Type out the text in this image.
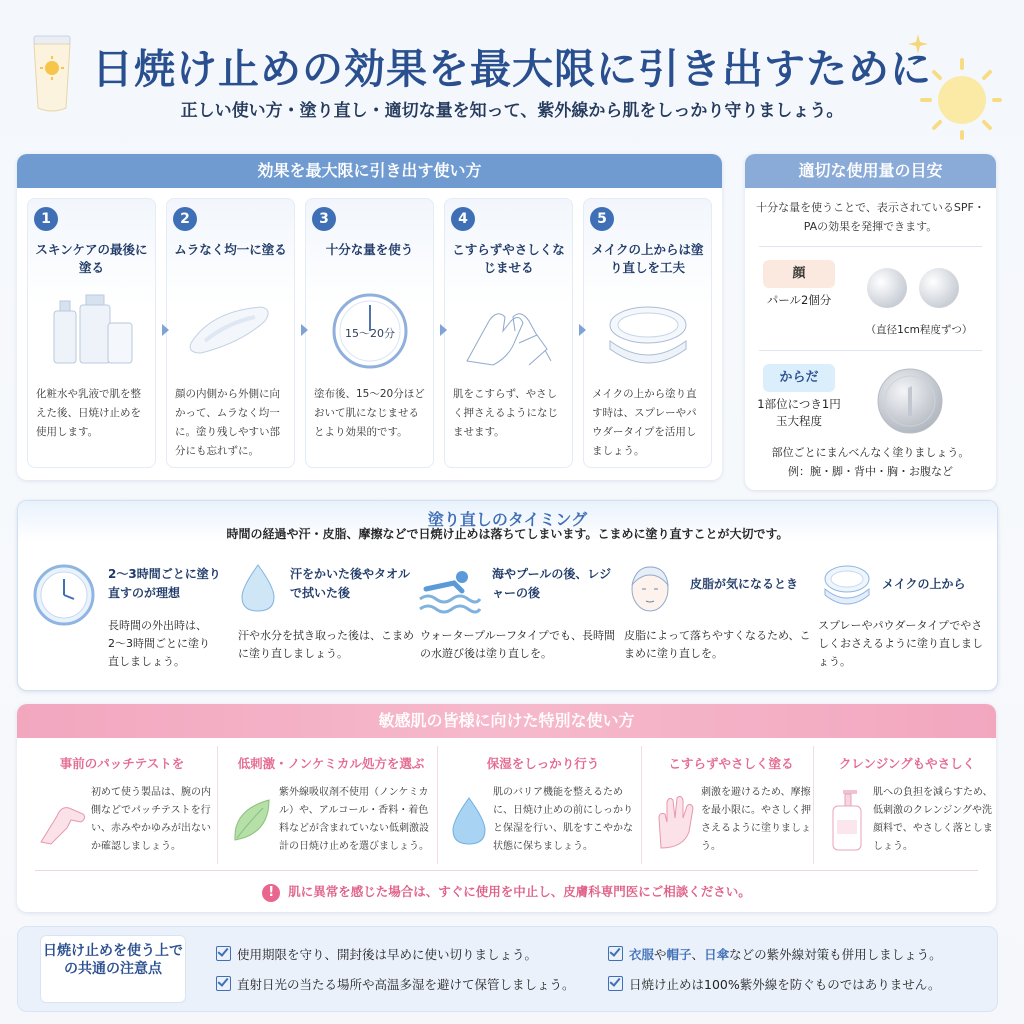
日焼け止めの効果を最大限に引き出すために
正しい使い方・塗り直し・適切な量を知って、紫外線から肌をしっかり守りましょう。
効果を最大限に引き出す使い方
1
スキンケアの最後に塗る
化粧水や乳液で肌を整えた後、日焼け止めを使用します。
2
ムラなく均一に塗る
顔の内側から外側に向かって、ムラなく均一に。塗り残しやすい部分にも忘れずに。
3
十分な量を使う
15〜20分
塗布後、15〜20分ほどおいて肌になじませるとより効果的です。
4
こすらずやさしくなじませる
肌をこすらず、やさしく押さえるようになじませます。
5
メイクの上からは塗り直しを工夫
メイクの上から塗り直す時は、スプレーやパウダータイプを活用しましょう。
適切な使用量の目安
十分な量を使うことで、表示されているSPF・PAの効果を発揮できます。
顔
パール2個分
（直径1cm程度ずつ）
からだ
1部位につき1円玉大程度
部位ごとにまんべんなく塗りましょう。
例：腕・脚・背中・胸・お腹など
塗り直しのタイミング
時間の経過や汗・皮脂、摩擦などで日焼け止めは落ちてしまいます。こまめに塗り直すことが大切です。
2〜3時間ごとに塗り直すのが理想
長時間の外出時は、2〜3時間ごとに塗り直しましょう。
汗をかいた後やタオルで拭いた後
汗や水分を拭き取った後は、こまめに塗り直しましょう。
海やプールの後、レジャーの後
ウォータープルーフタイプでも、長時間の水遊び後は塗り直しを。
皮脂が気になるとき
皮脂によって落ちやすくなるため、こまめに塗り直しを。
メイクの上から
スプレーやパウダータイプでやさしくおさえるように塗り直しましょう。
敏感肌の皆様に向けた特別な使い方
事前のパッチテストを
初めて使う製品は、腕の内側などでパッチテストを行い、赤みやかゆみが出ないか確認しましょう。
低刺激・ノンケミカル処方を選ぶ
紫外線吸収剤不使用（ノンケミカル）や、アルコール・香料・着色料などが含まれていない低刺激設計の日焼け止めを選びましょう。
保湿をしっかり行う
肌のバリア機能を整えるために、日焼け止めの前にしっかりと保湿を行い、肌をすこやかな状態に保ちましょう。
こすらずやさしく塗る
刺激を避けるため、摩擦を最小限に。やさしく押さえるように塗りましょう。
クレンジングもやさしく
肌への負担を減らすため、低刺激のクレンジングや洗顔料で、やさしく落としましょう。
! 肌に異常を感じた場合は、すぐに使用を中止し、皮膚科専門医にご相談ください。
日焼け止めを使う上での共通の注意点
使用期限を守り、開封後は早めに使い切りましょう。
直射日光の当たる場所や高温多湿を避けて保管しましょう。
衣服や帽子、日傘などの紫外線対策も併用しましょう。
日焼け止めは100%紫外線を防ぐものではありません。
